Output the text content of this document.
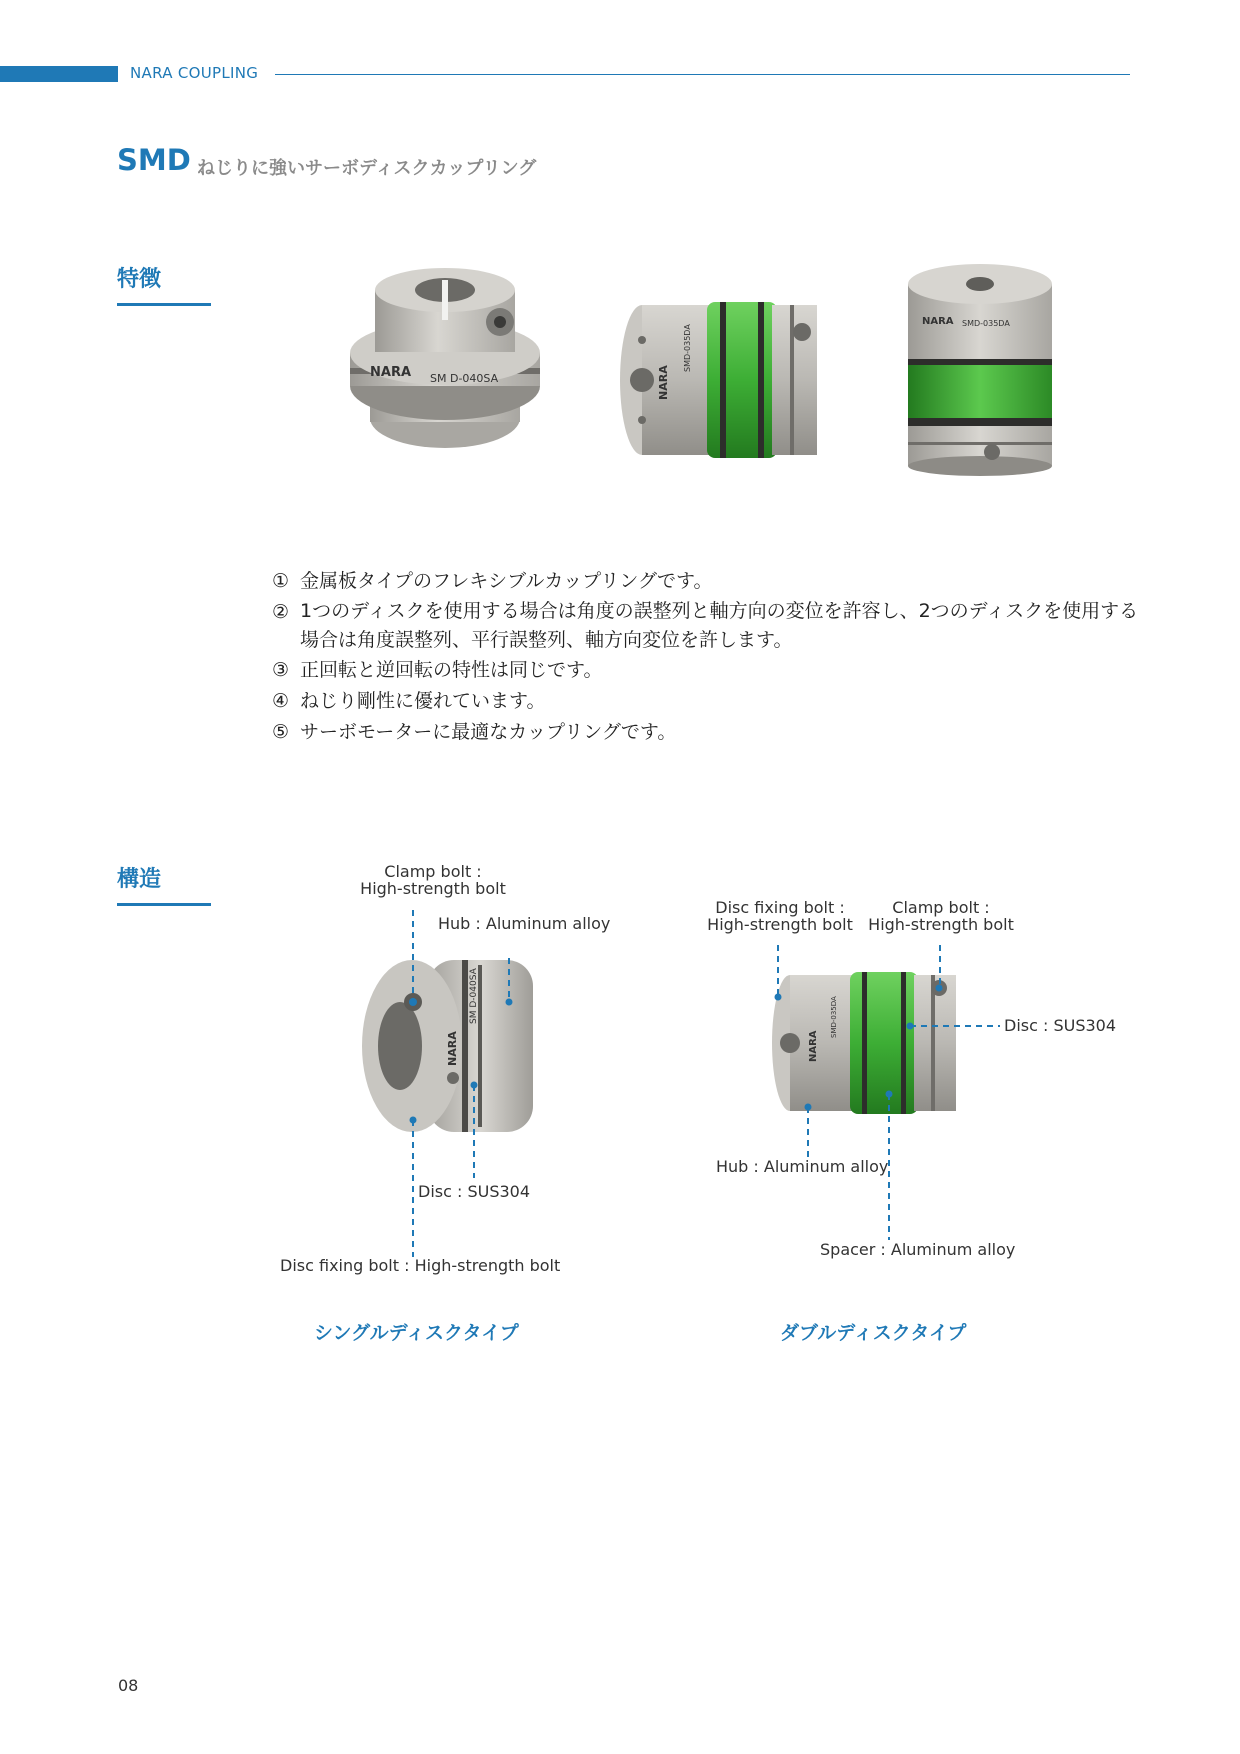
NARA COUPLING
SMD ねじりに強いサーボディスクカップリング
特徴
NARA SM D-040SA	NARA
SMD-035DA
NARA SMD-035DA
① 金属板タイプのフレキシブルカップリングです。
② 1つのディスクを使用する場合は角度の誤整列と軸方向の変位を許容し、2つのディスクを使用する場合は角度誤整列、平行誤整列、軸方向変位を許します。
③ 正回転と逆回転の特性は同じです。
④ ねじり剛性に優れています。
⑤ サーボモーターに最適なカップリングです。
構造
NARA
SM D-040SA
Clamp bolt :
High-strength bolt
Hub : Aluminum alloy
Disc : SUS304
Disc fixing bolt : High-strength bolt
シングルディスクタイプ
NARA
SMD-035DA
Disc fixing bolt :
High-strength bolt
Clamp bolt :
High-strength bolt
Disc : SUS304
Hub : Aluminum alloy
Spacer : Aluminum alloy
ダブルディスクタイプ
08
